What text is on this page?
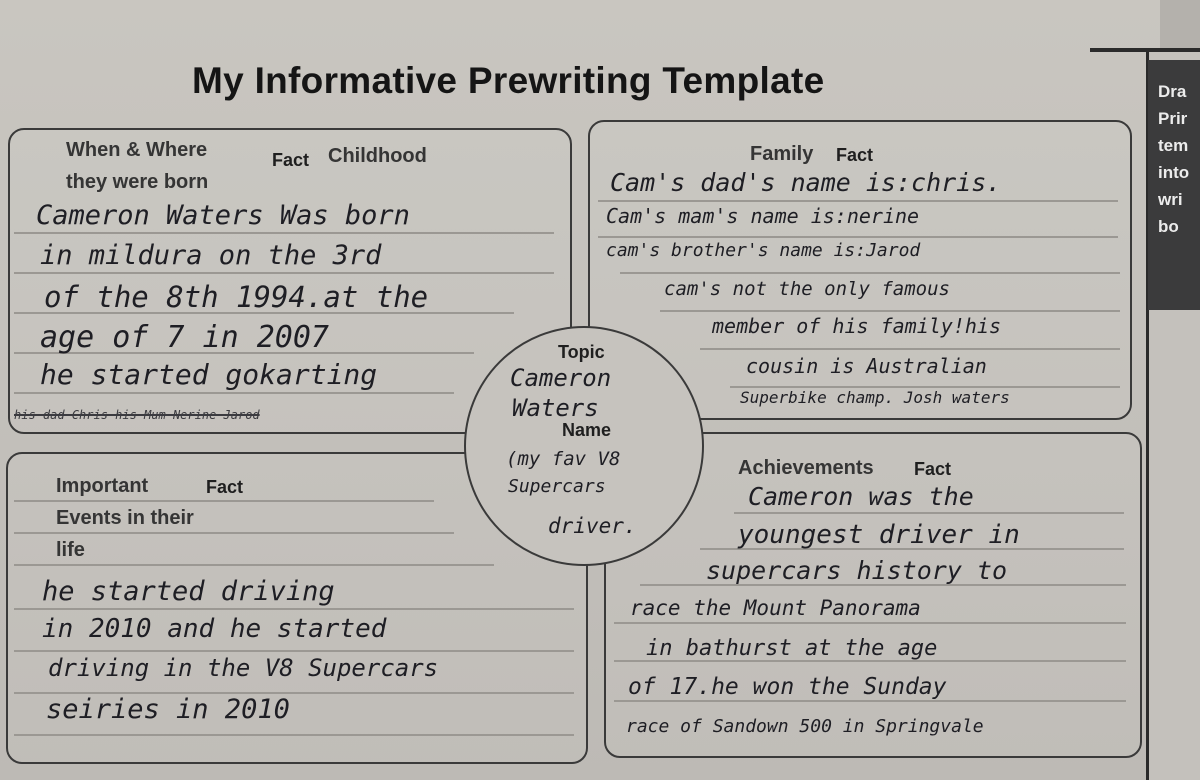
Dra
Prir
tem
into
wri
bo
My Informative Prewriting Template
When & Where
they were born
Fact Childhood

Cameron Waters Was born

in mildura on the 3rd

of the 8th 1994.at the

age of 7 in 2007

he started gokarting

his dad Chris his Mum Nerine Jarod

Family Fact

Cam's dad's name is:chris.

Cam's mam's name is:nerine

cam's brother's name is:Jarod

cam's not the only famous

member of his family!his

cousin is Australian

Superbike champ. Josh waters

Important
Events in their
life
Fact

he started driving

in 2010 and he started

driving in the V8 Supercars

seiries in 2010

Achievements Fact

Cameron was the

youngest driver in

supercars history to

race the Mount Panorama

in bathurst at the age

of 17.he won the Sunday

race of Sandown 500 in Springvale

Topic

Cameron

Waters

Name

(my fav V8

Supercars

driver.
